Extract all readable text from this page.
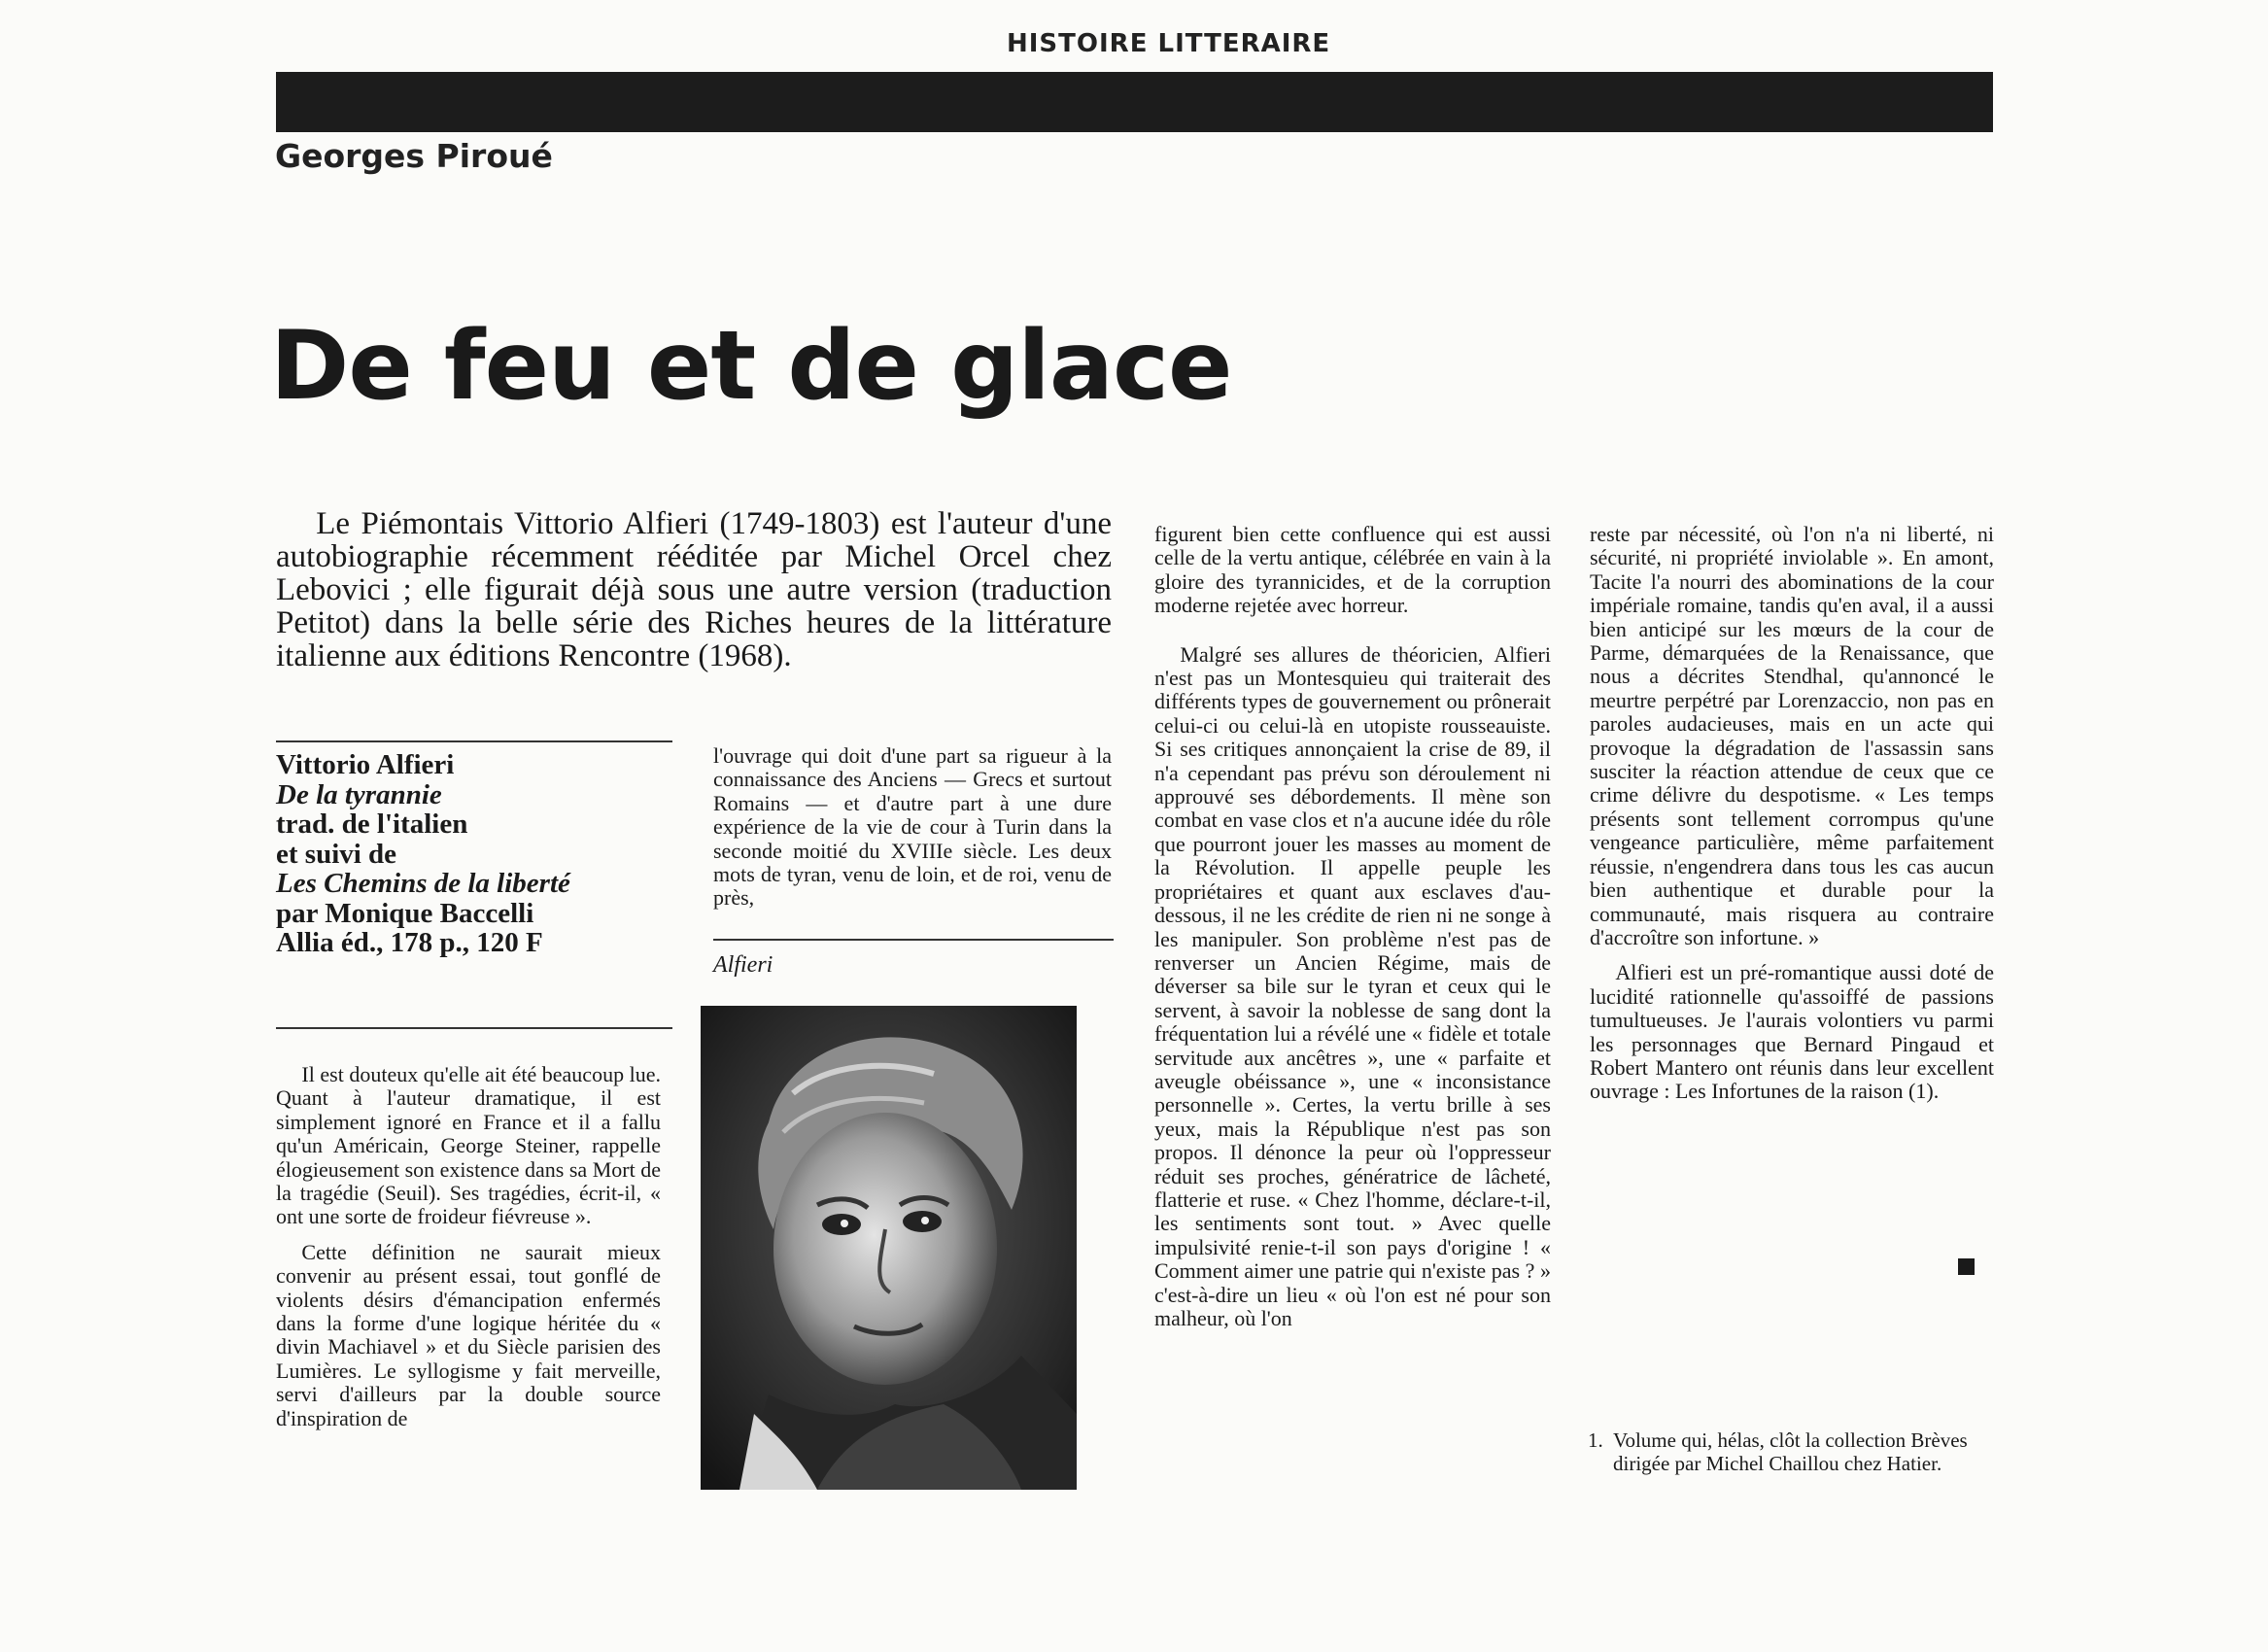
HISTOIRE LITTERAIRE
Georges Piroué
De feu et de glace
Le Piémontais Vittorio Alfieri (1749-1803) est l'auteur d'une autobiographie récemment rééditée par Michel Orcel chez Lebovici ; elle figurait déjà sous une autre version (traduction Petitot) dans la belle série des Riches heures de la littérature italienne aux éditions Rencontre (1968).
Vittorio Alfieri
De la tyrannie
trad. de l'italien
et suivi de
Les Chemins de la liberté
par Monique Baccelli
Allia éd., 178 p., 120 F

Il est douteux qu'elle ait été beaucoup lue. Quant à l'auteur dramatique, il est simplement ignoré en France et il a fallu qu'un Américain, George Steiner, rappelle élogieusement son existence dans sa Mort de la tragédie (Seuil). Ses tragédies, écrit-il, « ont une sorte de froideur fiévreuse ».

Cette définition ne saurait mieux convenir au présent essai, tout gonflé de violents désirs d'émancipation enfermés dans la forme d'une logique héritée du « divin Machiavel » et du Siècle parisien des Lumières. Le syllogisme y fait merveille, servi d'ailleurs par la double source d'inspiration de

l'ouvrage qui doit d'une part sa rigueur à la connaissance des Anciens — Grecs et surtout Romains — et d'autre part à une dure expérience de la vie de cour à Turin dans la seconde moitié du XVIIIe siècle. Les deux mots de tyran, venu de loin, et de roi, venu de près,

Alfieri

figurent bien cette confluence qui est aussi celle de la vertu antique, célébrée en vain à la gloire des tyrannicides, et de la corruption moderne rejetée avec horreur.

Malgré ses allures de théoricien, Alfieri n'est pas un Montesquieu qui traiterait des différents types de gouvernement ou prônerait celui-ci ou celui-là en utopiste rousseauiste. Si ses critiques annonçaient la crise de 89, il n'a cependant pas prévu son déroulement ni approuvé ses débordements. Il mène son combat en vase clos et n'a aucune idée du rôle que pourront jouer les masses au moment de la Révolution. Il appelle peuple les propriétaires et quant aux esclaves d'au-dessous, il ne les crédite de rien ni ne songe à les manipuler. Son problème n'est pas de renverser un Ancien Régime, mais de déverser sa bile sur le tyran et ceux qui le servent, à savoir la noblesse de sang dont la fréquentation lui a révélé une « fidèle et totale servitude aux ancêtres », une « parfaite et aveugle obéissance », une « inconsistance personnelle ». Certes, la vertu brille à ses yeux, mais la République n'est pas son propos. Il dénonce la peur où l'oppresseur réduit ses proches, génératrice de lâcheté, flatterie et ruse. « Chez l'homme, déclare-t-il, les sentiments sont tout. » Avec quelle impulsivité renie-t-il son pays d'origine ! « Comment aimer une patrie qui n'existe pas ? » c'est-à-dire un lieu « où l'on est né pour son malheur, où l'on

reste par nécessité, où l'on n'a ni liberté, ni sécurité, ni propriété inviolable ». En amont, Tacite l'a nourri des abominations de la cour impériale romaine, tandis qu'en aval, il a aussi bien anticipé sur les mœurs de la cour de Parme, démarquées de la Renaissance, que nous a décrites Stendhal, qu'annoncé le meurtre perpétré par Lorenzaccio, non pas en paroles audacieuses, mais en un acte qui provoque la dégradation de l'assassin sans susciter la réaction attendue de ceux que ce crime délivre du despotisme. « Les temps présents sont tellement corrompus qu'une vengeance particulière, même parfaitement réussie, n'engendrera dans tous les cas aucun bien authentique et durable pour la communauté, mais risquera au contraire d'accroître son infortune. »

Alfieri est un pré-romantique aussi doté de lucidité rationnelle qu'assoiffé de passions tumultueuses. Je l'aurais volontiers vu parmi les personnages que Bernard Pingaud et Robert Mantero ont réunis dans leur excellent ouvrage : Les Infortunes de la raison (1).

1. Volume qui, hélas, clôt la collection Brèves dirigée par Michel Chaillou chez Hatier.
